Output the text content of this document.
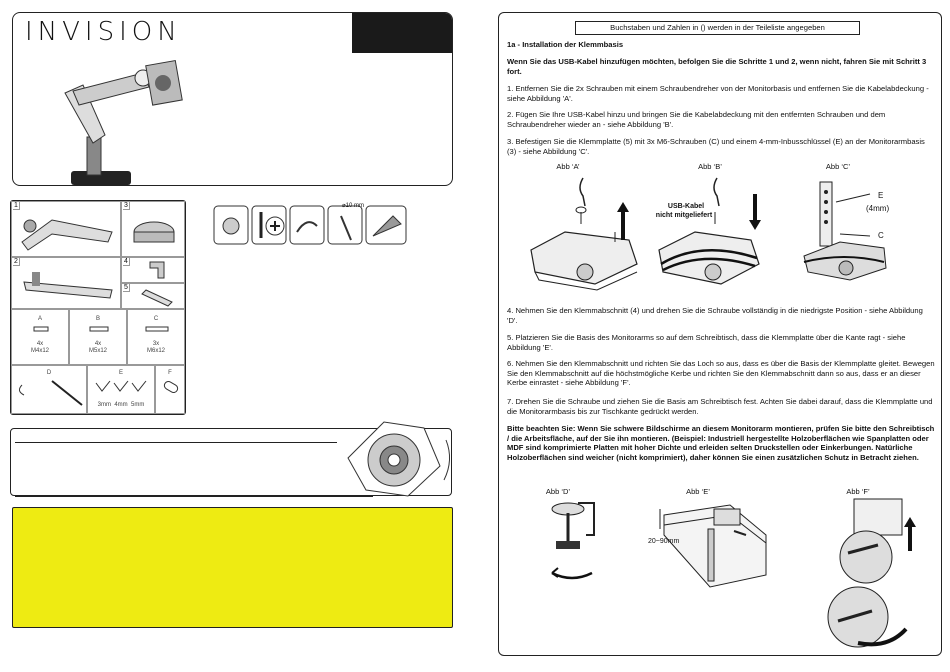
INVISION
1	3
2	4
5
A
4x
M4x12
B
4x
M5x12
C
3x
M6x12
D	E
3mm  4mm  5mm
F
⌀10 mm
Buchstaben und Zahlen in () werden in der Teileliste angegeben
1a - Installation der Klemmbasis
Wenn Sie das USB-Kabel hinzufügen möchten, befolgen Sie die Schritte 1 und 2, wenn nicht, fahren Sie mit Schritt 3 fort.
1. Entfernen Sie die 2x Schrauben mit einem Schraubendreher von der Monitorbasis und entfernen Sie die Kabelabdeckung - siehe Abbildung 'A'.
2. Fügen Sie Ihre USB-Kabel hinzu und bringen Sie die Kabelabdeckung mit den entfernten Schrauben und dem Schraubendreher wieder an - siehe Abbildung 'B'.
3. Befestigen Sie die Klemmplatte (5) mit 3x M6-Schrauben (C) und einem 4-mm-Inbusschlüssel (E) an der Monitorarmbasis (3) - siehe Abbildung 'C'.
Abb ‘A’	Abb ‘B’	Abb ‘C’
USB-Kabel
nicht mitgeliefert
E
(4mm)
C
4. Nehmen Sie den Klemmabschnitt (4) und drehen Sie die Schraube vollständig in die niedrigste Position - siehe Abbildung 'D'.
5. Platzieren Sie die Basis des Monitorarms so auf dem Schreibtisch, dass die Klemmplatte über die Kante ragt - siehe Abbildung 'E'.
6. Nehmen Sie den Klemmabschnitt und richten Sie das Loch so aus, dass es über die Basis der Klemmplatte gleitet. Bewegen Sie den Klemmabschnitt auf die höchstmögliche Kerbe und richten Sie den Klemmabschnitt dann so aus, dass er an dieser Kerbe einrastet - siehe Abbildung 'F'.
7. Drehen Sie die Schraube und ziehen Sie die Basis am Schreibtisch fest. Achten Sie dabei darauf, dass die Klemmplatte und die Monitorarmbasis bis zur Tischkante gedrückt werden.
Bitte beachten Sie: Wenn Sie schwere Bildschirme an diesem Monitorarm montieren, prüfen Sie bitte den Schreibtisch / die Arbeitsfläche, auf der Sie ihn montieren. (Beispiel: Industriell hergestellte Holzoberflächen wie Spanplatten oder MDF sind komprimierte Platten mit hoher Dichte und erleiden selten Druckstellen oder Einkerbungen. Natürliche Holzoberflächen sind weicher (nicht komprimiert), daher können Sie einen zusätzlichen Schutz in Betracht ziehen.
Abb ‘D’	Abb ‘E’	Abb ‘F’
20~90mm
